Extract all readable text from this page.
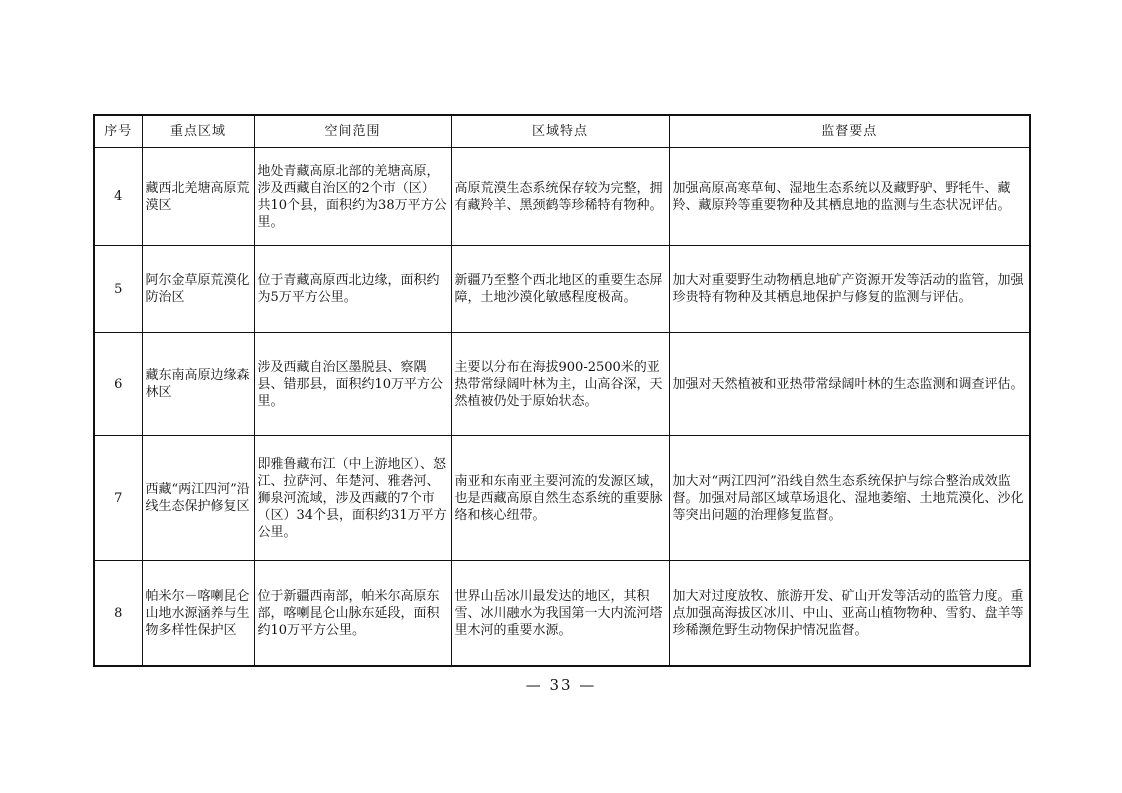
序号	重点区域	空间范围	区域特点	监督要点
4	藏西北羌塘高原荒漠区	地处青藏高原北部的羌塘高原，涉及西藏自治区的2个市（区）共10个县，面积约为38万平方公里。	高原荒漠生态系统保存较为完整，拥有藏羚羊、黑颈鹤等珍稀特有物种。	加强高原高寒草甸、湿地生态系统以及藏野驴、野牦牛、藏羚、藏原羚等重要物种及其栖息地的监测与生态状况评估。
5	阿尔金草原荒漠化防治区	位于青藏高原西北边缘，面积约为5万平方公里。	新疆乃至整个西北地区的重要生态屏障，土地沙漠化敏感程度极高。	加大对重要野生动物栖息地矿产资源开发等活动的监管，加强珍贵特有物种及其栖息地保护与修复的监测与评估。
6	藏东南高原边缘森林区	涉及西藏自治区墨脱县、察隅县、错那县，面积约10万平方公里。	主要以分布在海拔900-2500米的亚热带常绿阔叶林为主，山高谷深，天然植被仍处于原始状态。	加强对天然植被和亚热带常绿阔叶林的生态监测和调查评估。
7	西藏“两江四河”沿线生态保护修复区	即雅鲁藏布江（中上游地区）、怒江、拉萨河、年楚河、雅砻河、狮泉河流域，涉及西藏的7个市（区）34个县，面积约31万平方公里。	南亚和东南亚主要河流的发源区域，也是西藏高原自然生态系统的重要脉络和核心纽带。	加大对“两江四河”沿线自然生态系统保护与综合整治成效监督。加强对局部区域草场退化、湿地萎缩、土地荒漠化、沙化等突出问题的治理修复监督。
8	帕米尔－喀喇昆仑山地水源涵养与生物多样性保护区	位于新疆西南部，帕米尔高原东部，喀喇昆仑山脉东延段，面积约10万平方公里。	世界山岳冰川最发达的地区，其积雪、冰川融水为我国第一大内流河塔里木河的重要水源。	加大对过度放牧、旅游开发、矿山开发等活动的监管力度。重点加强高海拔区冰川、中山、亚高山植物物种、雪豹、盘羊等珍稀濒危野生动物保护情况监督。
— 33 —
